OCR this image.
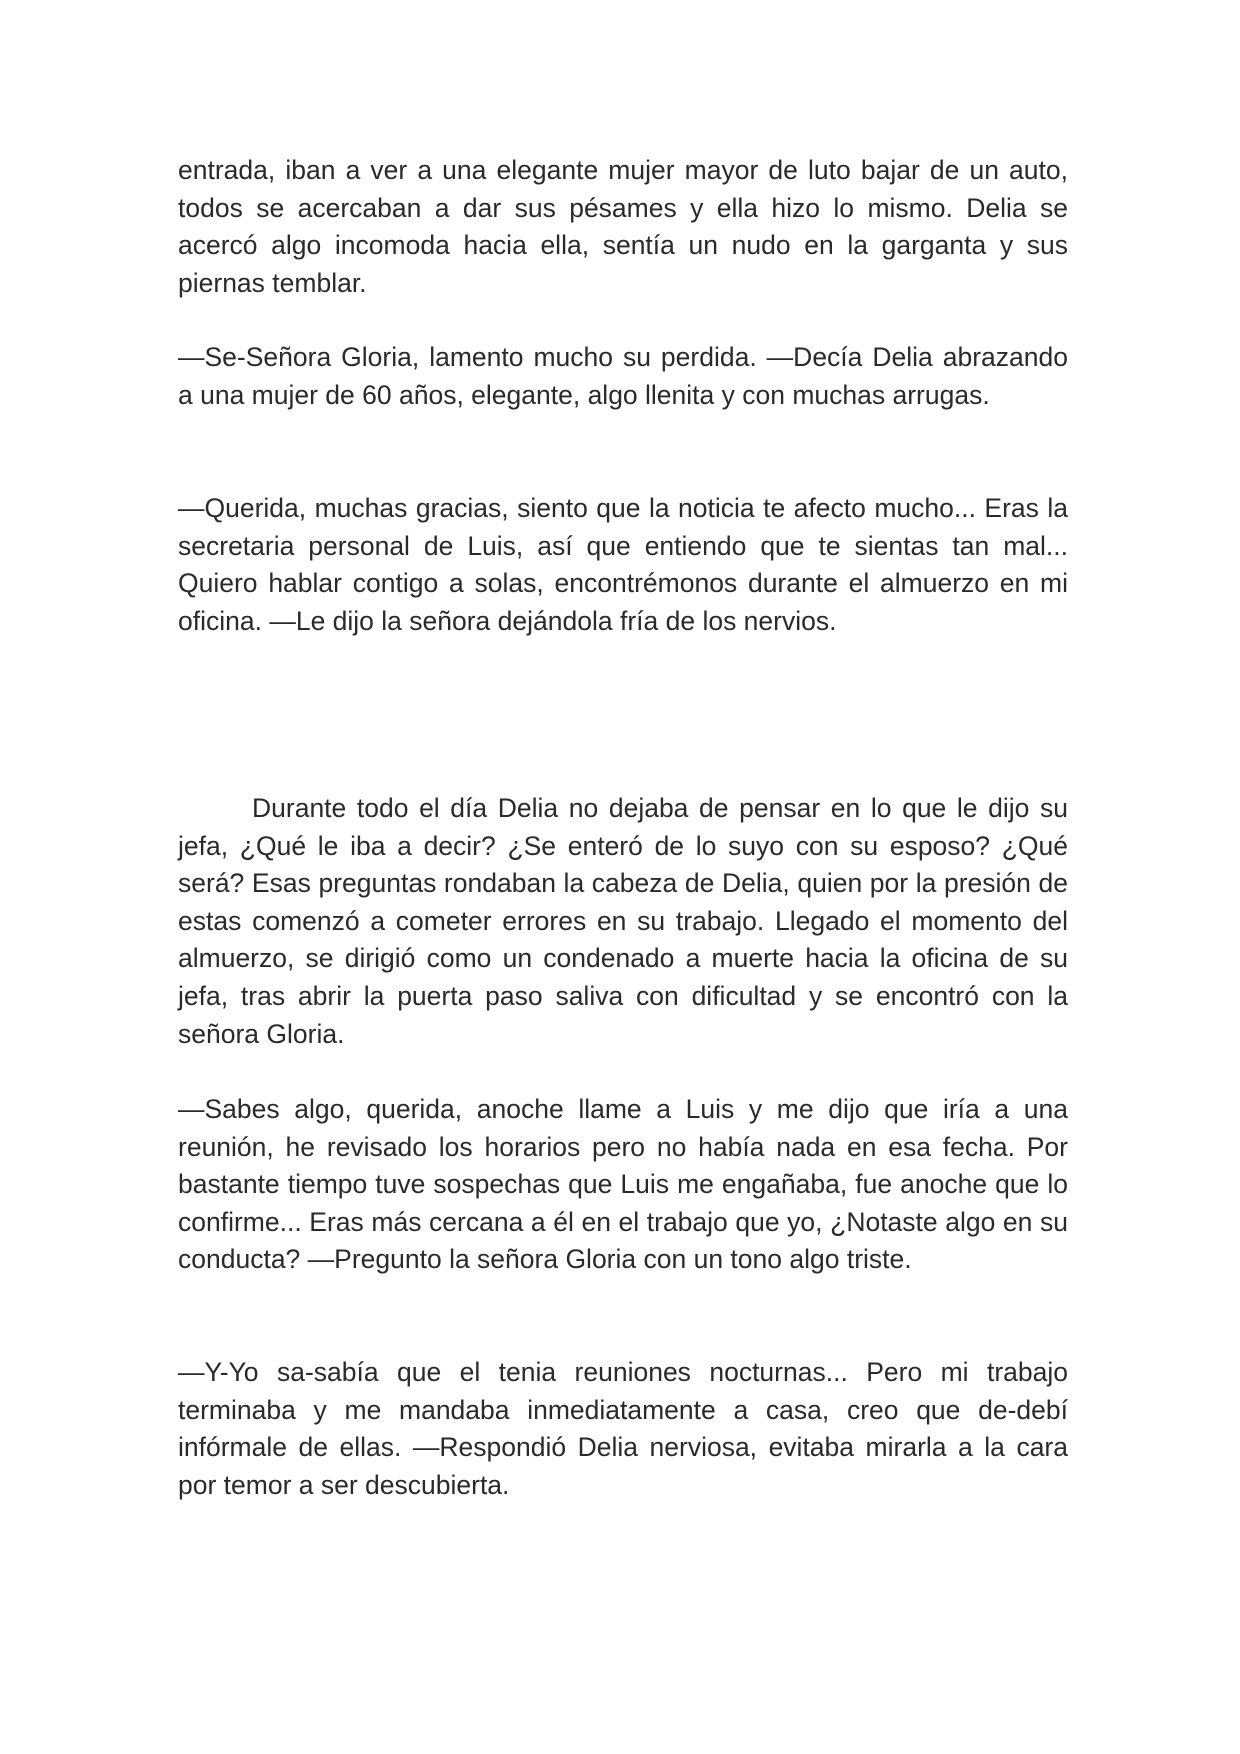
entrada, iban a ver a una elegante mujer mayor de luto bajar de un auto, todos se acercaban a dar sus pésames y ella hizo lo mismo. Delia se acercó algo incomoda hacia ella, sentía un nudo en la garganta y sus piernas temblar.

—Se-Señora Gloria, lamento mucho su perdida. —Decía Delia abrazando a una mujer de 60 años, elegante, algo llenita y con muchas arrugas.

—Querida, muchas gracias, siento que la noticia te afecto mucho... Eras la secretaria personal de Luis, así que entiendo que te sientas tan mal... Quiero hablar contigo a solas, encontrémonos durante el almuerzo en mi oficina. —Le dijo la señora dejándola fría de los nervios.

Durante todo el día Delia no dejaba de pensar en lo que le dijo su jefa, ¿Qué le iba a decir? ¿Se enteró de lo suyo con su esposo? ¿Qué será? Esas preguntas rondaban la cabeza de Delia, quien por la presión de estas comenzó a cometer errores en su trabajo. Llegado el momento del almuerzo, se dirigió como un condenado a muerte hacia la oficina de su jefa, tras abrir la puerta paso saliva con dificultad y se encontró con la señora Gloria.

—Sabes algo, querida, anoche llame a Luis y me dijo que iría a una reunión, he revisado los horarios pero no había nada en esa fecha. Por bastante tiempo tuve sospechas que Luis me engañaba, fue anoche que lo confirme... Eras más cercana a él en el trabajo que yo, ¿Notaste algo en su conducta? —Pregunto la señora Gloria con un tono algo triste.

—Y-Yo sa-sabía que el tenia reuniones nocturnas... Pero mi trabajo terminaba y me mandaba inmediatamente a casa, creo que de-debí infórmale de ellas. —Respondió Delia nerviosa, evitaba mirarla a la cara por temor a ser descubierta.
